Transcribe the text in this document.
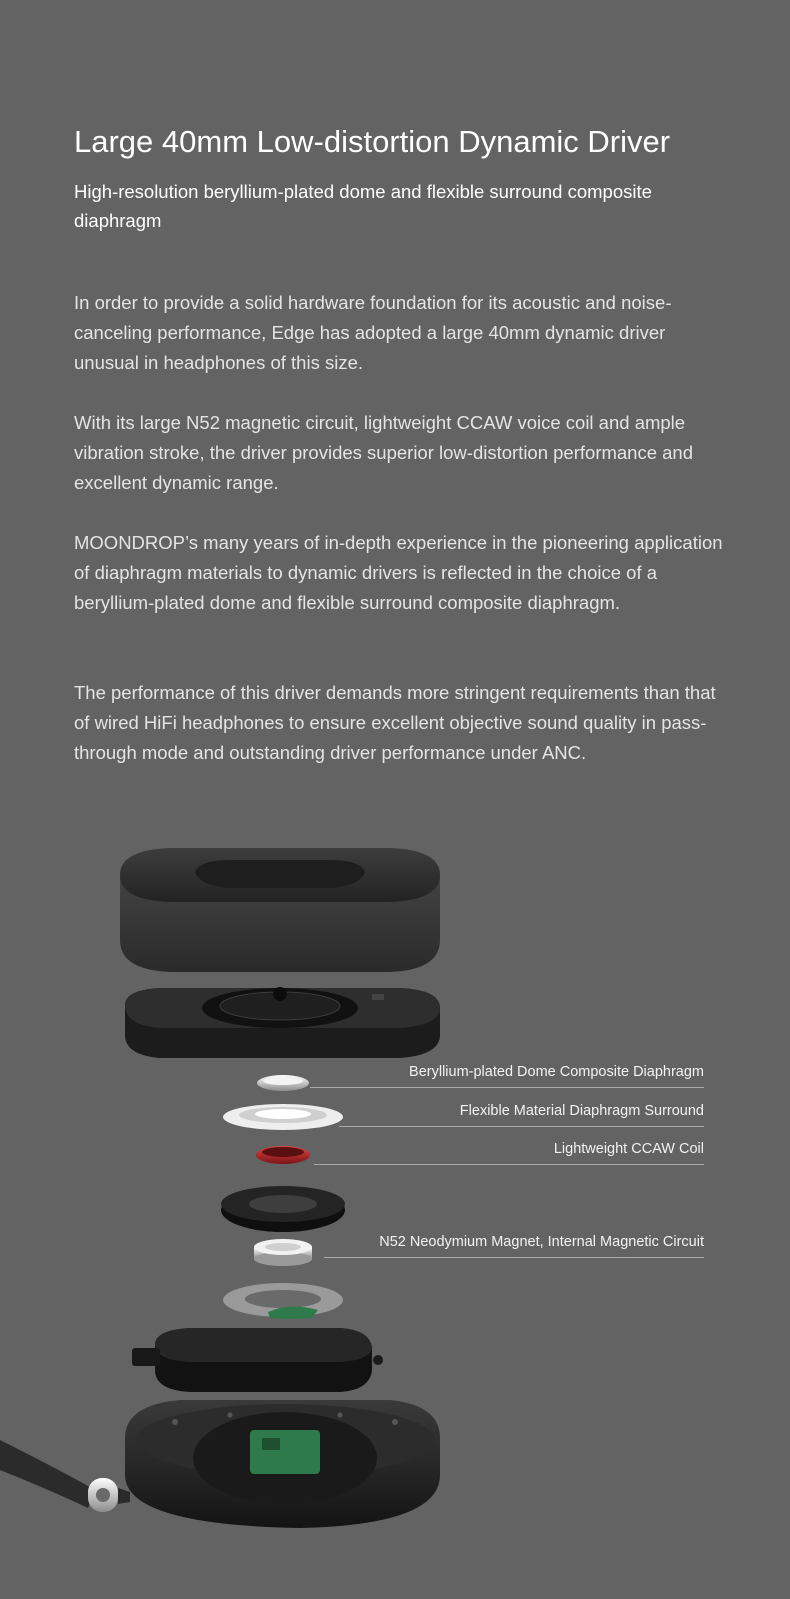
Large 40mm Low-distortion Dynamic Driver

High-resolution beryllium-plated dome and flexible surround composite diaphragm

In order to provide a solid hardware foundation for its acoustic and noise-canceling performance, Edge has adopted a large 40mm dynamic driver unusual in headphones of this size.

With its large N52 magnetic circuit, lightweight CCAW voice coil and ample vibration stroke, the driver provides superior low-distortion performance and excellent dynamic range.

MOONDROP’s many years of in-depth experience in the pioneering application of diaphragm materials to dynamic drivers is reflected in the choice of a beryllium-plated dome and flexible surround composite diaphragm.

The performance of this driver demands more stringent requirements than that of wired HiFi headphones to ensure excellent objective sound quality in pass-through mode and outstanding driver performance under ANC.

Beryllium-plated Dome Composite Diaphragm
Flexible Material Diaphragm Surround
Lightweight CCAW Coil
N52 Neodymium Magnet, Internal Magnetic Circuit
